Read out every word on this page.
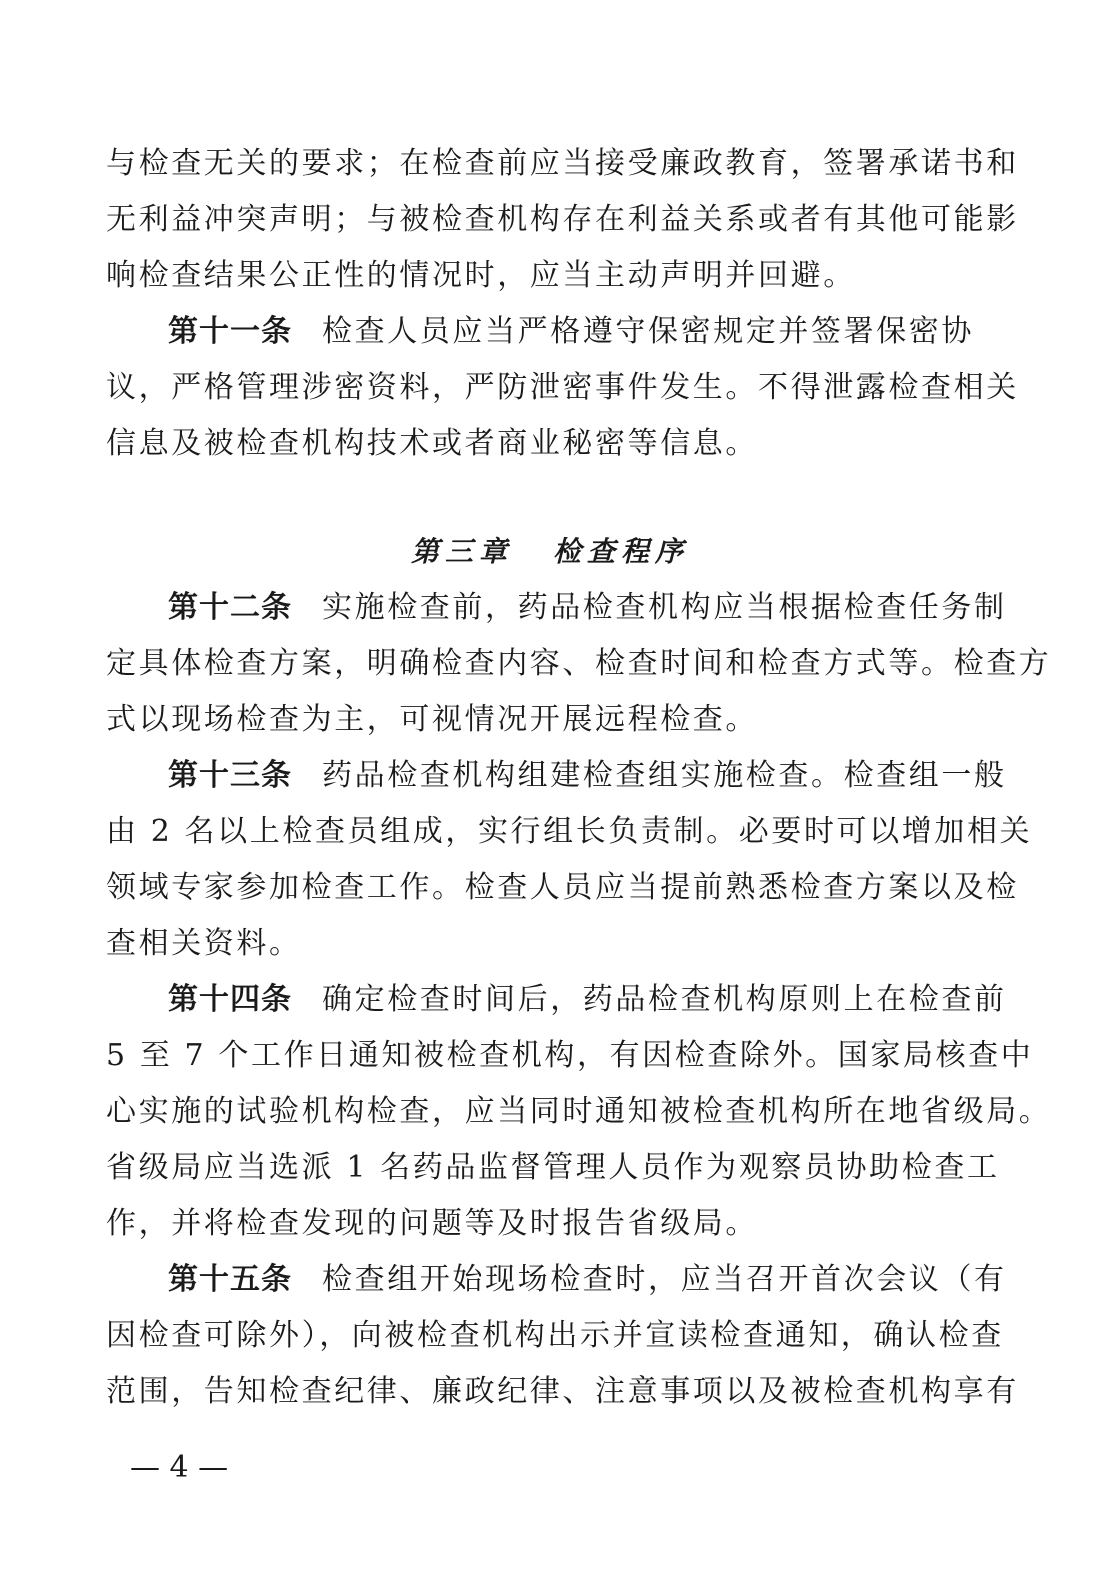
与检查无关的要求；在检查前应当接受廉政教育，签署承诺书和
无利益冲突声明；与被检查机构存在利益关系或者有其他可能影
响检查结果公正性的情况时，应当主动声明并回避。
第十一条 检查人员应当严格遵守保密规定并签署保密协
议，严格管理涉密资料，严防泄密事件发生。不得泄露检查相关
信息及被检查机构技术或者商业秘密等信息。
第三章 检查程序
第十二条 实施检查前，药品检查机构应当根据检查任务制
定具体检查方案，明确检查内容、检查时间和检查方式等。检查方
式以现场检查为主，可视情况开展远程检查。
第十三条 药品检查机构组建检查组实施检查。检查组一般
由 2 名以上检查员组成，实行组长负责制。必要时可以增加相关
领域专家参加检查工作。检查人员应当提前熟悉检查方案以及检
查相关资料。
第十四条 确定检查时间后，药品检查机构原则上在检查前
5 至 7 个工作日通知被检查机构，有因检查除外。国家局核查中
心实施的试验机构检查，应当同时通知被检查机构所在地省级局。
省级局应当选派 1 名药品监督管理人员作为观察员协助检查工
作，并将检查发现的问题等及时报告省级局。
第十五条 检查组开始现场检查时，应当召开首次会议（有
因检查可除外），向被检查机构出示并宣读检查通知，确认检查
范围，告知检查纪律、廉政纪律、注意事项以及被检查机构享有
— 4 —
